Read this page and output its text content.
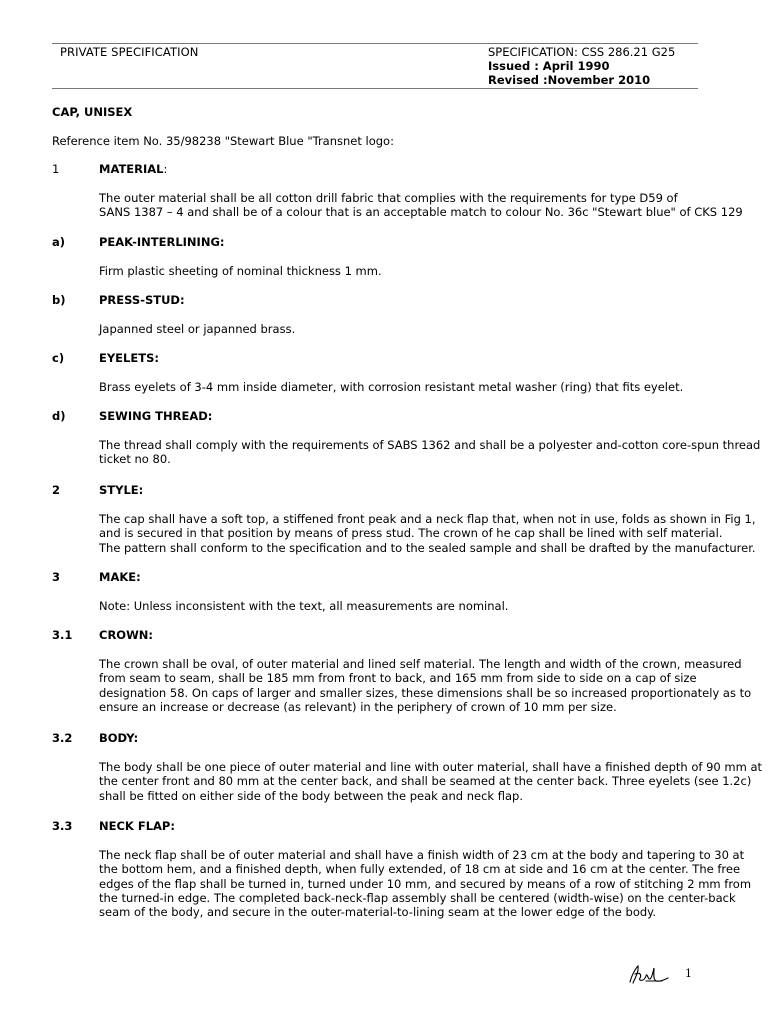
PRIVATE SPECIFICATION	SPECIFICATION: CSS 286.21 G25
Issued : April 1990
Revised :November 2010
CAP, UNISEX
Reference item No. 35/98238 "Stewart Blue "Transnet logo:
1	MATERIAL:
The outer material shall be all cotton drill fabric that complies with the requirements for type D59 of
SANS 1387 – 4 and shall be of a colour that is an acceptable match to colour No. 36c "Stewart blue" of CKS 129
a)	PEAK-INTERLINING:
Firm plastic sheeting of nominal thickness 1 mm.
b)	PRESS-STUD:
Japanned steel or japanned brass.
c)	EYELETS:
Brass eyelets of 3-4 mm inside diameter, with corrosion resistant metal washer (ring) that fits eyelet.
d)	SEWING THREAD:
The thread shall comply with the requirements of SABS 1362 and shall be a polyester and-cotton core-spun thread
ticket no 80.
2	STYLE:
The cap shall have a soft top, a stiffened front peak and a neck flap that, when not in use, folds as shown in Fig 1,
and is secured in that position by means of press stud. The crown of he cap shall be lined with self material.
The pattern shall conform to the specification and to the sealed sample and shall be drafted by the manufacturer.
3	MAKE:
Note: Unless inconsistent with the text, all measurements are nominal.
3.1	CROWN:
The crown shall be oval, of outer material and lined self material. The length and width of the crown, measured
from seam to seam, shall be 185 mm from front to back, and 165 mm from side to side on a cap of size
designation 58. On caps of larger and smaller sizes, these dimensions shall be so increased proportionately as to
ensure an increase or decrease (as relevant) in the periphery of crown of 10 mm per size.
3.2	BODY:
The body shall be one piece of outer material and line with outer material, shall have a finished depth of 90 mm at
the center front and 80 mm at the center back, and shall be seamed at the center back. Three eyelets (see 1.2c)
shall be fitted on either side of the body between the peak and neck flap.
3.3	NECK FLAP:
The neck flap shall be of outer material and shall have a finish width of 23 cm at the body and tapering to 30 at
the bottom hem, and a finished depth, when fully extended, of 18 cm at side and 16 cm at the center. The free
edges of the flap shall be turned in, turned under 10 mm, and secured by means of a row of stitching 2 mm from
the turned-in edge. The completed back-neck-flap assembly shall be centered (width-wise) on the center-back
seam of the body, and secure in the outer-material-to-lining seam at the lower edge of the body.
1
